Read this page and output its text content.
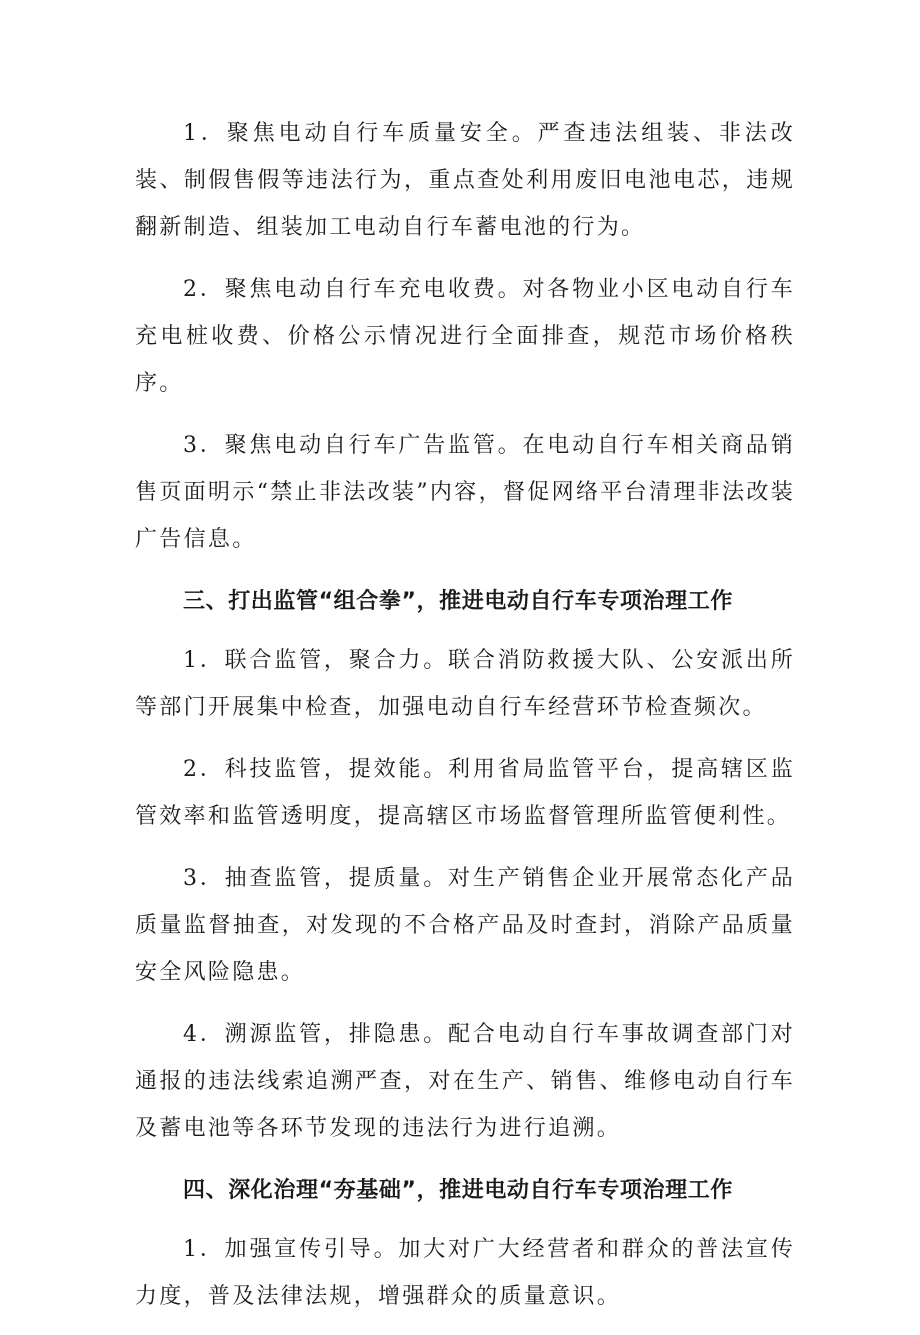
1．聚焦电动自行车质量安全。严查违法组装、非法改装、制假售假等违法行为，重点查处利用废旧电池电芯，违规翻新制造、组装加工电动自行车蓄电池的行为。

2．聚焦电动自行车充电收费。对各物业小区电动自行车充电桩收费、价格公示情况进行全面排查，规范市场价格秩序。

3．聚焦电动自行车广告监管。在电动自行车相关商品销售页面明示“禁止非法改装”内容，督促网络平台清理非法改装广告信息。

三、打出监管“组合拳”，推进电动自行车专项治理工作

1．联合监管，聚合力。联合消防救援大队、公安派出所等部门开展集中检查，加强电动自行车经营环节检查频次。

2．科技监管，提效能。利用省局监管平台，提高辖区监管效率和监管透明度，提高辖区市场监督管理所监管便利性。

3．抽查监管，提质量。对生产销售企业开展常态化产品质量监督抽查，对发现的不合格产品及时查封，消除产品质量安全风险隐患。

4．溯源监管，排隐患。配合电动自行车事故调查部门对通报的违法线索追溯严查，对在生产、销售、维修电动自行车及蓄电池等各环节发现的违法行为进行追溯。

四、深化治理“夯基础”，推进电动自行车专项治理工作

1．加强宣传引导。加大对广大经营者和群众的普法宣传力度，普及法律法规，增强群众的质量意识。
